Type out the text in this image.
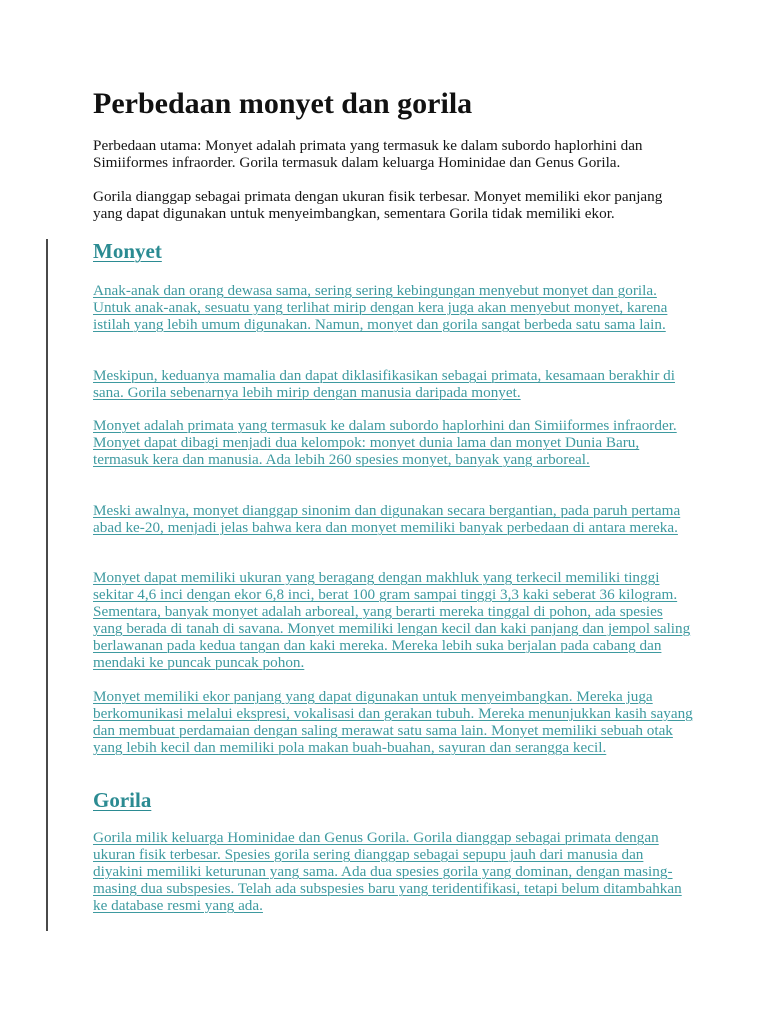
Perbedaan monyet dan gorila

Perbedaan utama: Monyet adalah primata yang termasuk ke dalam subordo haplorhini dan Simiiformes infraorder. Gorila termasuk dalam keluarga Hominidae dan Genus Gorila.

Gorila dianggap sebagai primata dengan ukuran fisik terbesar. Monyet memiliki ekor panjang yang dapat digunakan untuk menyeimbangkan, sementara Gorila tidak memiliki ekor.

Monyet

Anak-anak dan orang dewasa sama, sering sering kebingungan menyebut monyet dan gorila. Untuk anak-anak, sesuatu yang terlihat mirip dengan kera juga akan menyebut monyet, karena istilah yang lebih umum digunakan. Namun, monyet dan gorila sangat berbeda satu sama lain.

Meskipun, keduanya mamalia dan dapat diklasifikasikan sebagai primata, kesamaan berakhir di sana. Gorila sebenarnya lebih mirip dengan manusia daripada monyet.

Monyet adalah primata yang termasuk ke dalam subordo haplorhini dan Simiiformes infraorder. Monyet dapat dibagi menjadi dua kelompok: monyet dunia lama dan monyet Dunia Baru, termasuk kera dan manusia. Ada lebih 260 spesies monyet, banyak yang arboreal.

Meski awalnya, monyet dianggap sinonim dan digunakan secara bergantian, pada paruh pertama abad ke-20, menjadi jelas bahwa kera dan monyet memiliki banyak perbedaan di antara mereka.

Monyet dapat memiliki ukuran yang beragang dengan makhluk yang terkecil memiliki tinggi sekitar 4,6 inci dengan ekor 6,8 inci, berat 100 gram sampai tinggi 3,3 kaki seberat 36 kilogram. Sementara, banyak monyet adalah arboreal, yang berarti mereka tinggal di pohon, ada spesies yang berada di tanah di savana. Monyet memiliki lengan kecil dan kaki panjang dan jempol saling berlawanan pada kedua tangan dan kaki mereka. Mereka lebih suka berjalan pada cabang dan mendaki ke puncak puncak pohon.

Monyet memiliki ekor panjang yang dapat digunakan untuk menyeimbangkan. Mereka juga berkomunikasi melalui ekspresi, vokalisasi dan gerakan tubuh. Mereka menunjukkan kasih sayang dan membuat perdamaian dengan saling merawat satu sama lain. Monyet memiliki sebuah otak yang lebih kecil dan memiliki pola makan buah-buahan, sayuran dan serangga kecil.

Gorila

Gorila milik keluarga Hominidae dan Genus Gorila. Gorila dianggap sebagai primata dengan ukuran fisik terbesar. Spesies gorila sering dianggap sebagai sepupu jauh dari manusia dan diyakini memiliki keturunan yang sama. Ada dua spesies gorila yang dominan, dengan masing-masing dua subspesies. Telah ada subspesies baru yang teridentifikasi, tetapi belum ditambahkan ke database resmi yang ada.
